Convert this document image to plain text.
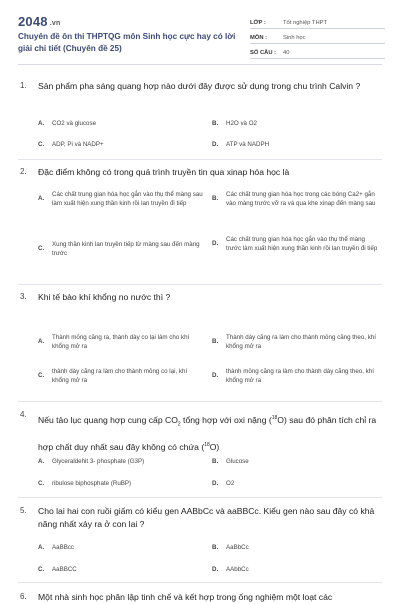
2048 .vn
Chuyên đề ôn thi THPTQG môn Sinh học cực hay có lời giải chi tiết (Chuyên đề 25)
LỚP :	Tốt nghiệp THPT
MÔN :	Sinh học
SỐ CÂU :	40
1. Sản phẩm pha sáng quang hợp nào dưới đây được sử dụng trong chu trình Calvin ?
A.	CO2 và glucose	B.	H2O và O2
C.	ADP, Pi và NADP+	D.	ATP và NADPH
2. Đặc điểm không có trong quá trình truyền tin qua xinap hóa học là
A.
Các chất trung gian hóa học gắn vào thụ thể màng sau làm xuất hiện xung thần kinh rồi lan truyền đi tiếp
B.
Các chất trung gian hóa học trong các bóng Ca2+ gắn vào màng trước vỡ ra và qua khe xinap đến màng sau
C.
Xung thần kinh lan truyền tiếp từ màng sau đến màng trước
D.
Các chất trung gian hóa học gắn vào thụ thể màng trước làm xuất hiện xung thần kinh rồi lan truyền đi tiếp
3. Khi tế bào khí khổng no nước thì ?
A.
Thành mỏng căng ra, thành dày co lại làm cho khí khổng mở ra
B.
Thành dày căng ra làm cho thành mỏng căng theo, khí khổng mở ra
C.
thành dày căng ra làm cho thành mỏng co lại, khí khổng mở ra
D.
thành mỏng căng ra làm cho thành dày căng theo, khí khổng mở ra
4.
Nếu tảo lục quang hợp cung cấp $CO_2$ tổng hợp với oxi nặng ($^{18}$O) sau đó phân tích chỉ ra hợp chất duy nhất sau đây không có chứa ($^{18}$O)
A.	Glyceraldehit 3- phosphate (G3P)	B.	Glucose
C.	ribulose biphosphate (RuBP)	D.	O2
5. Cho lai hai con ruồi giấm có kiểu gen AABbCc và aaBBCc. Kiểu gen nào sau đây có khả năng nhất xảy ra ở con lai ?
A.	AaBBcc	B.	AaBbCc
C.	AaBBCC	D.	AAbbCc
6. Một nhà sinh học phân lập tinh chế và kết hợp trong ống nghiệm một loạt các
